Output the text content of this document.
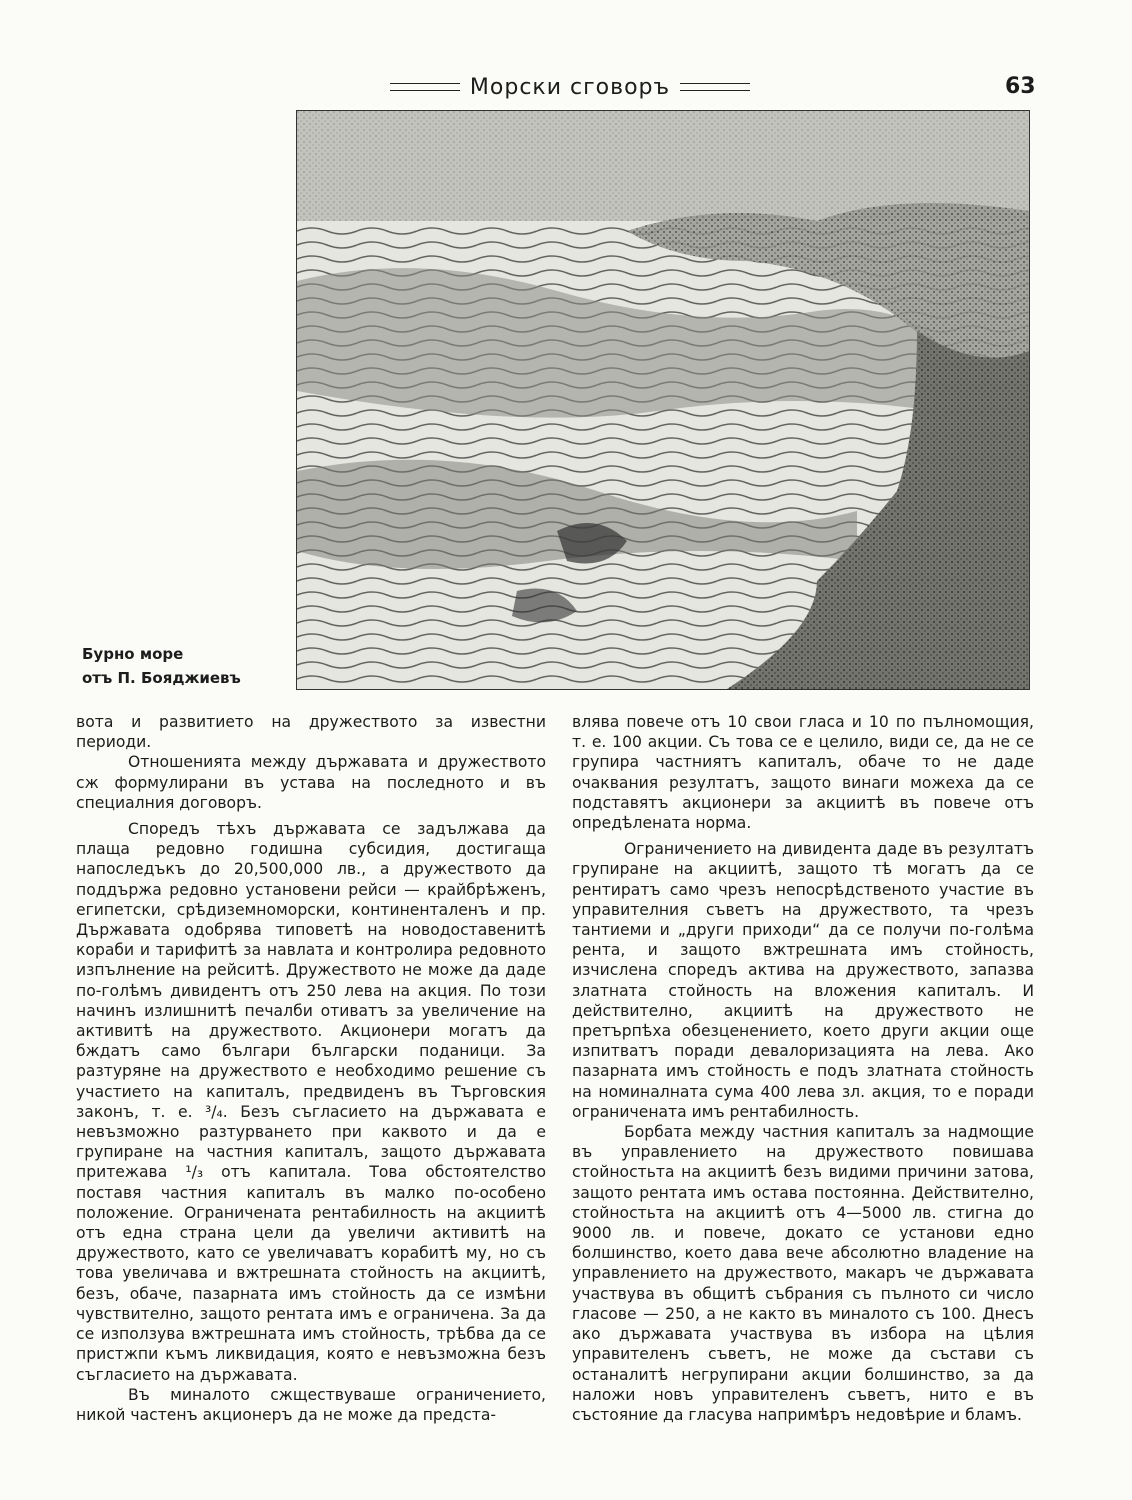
Морски сговоръ	63
Бурно море
отъ П. Бояджиевъ

вота и развитието на дружеството за известни периоди.

Отношенията между държавата и дружеството сж формулирани въ устава на последното и въ специалния договоръ.

Споредъ тѣхъ държавата се задължава да плаща редовно годишна субсидия, достигаща напоследъкъ до 20,500,000 лв., а дружеството да поддържа редовно установени рейси — крайбрѣженъ, египетски, срѣдиземноморски, континенталенъ и пр. Държавата одобрява типоветѣ на новодоставенитѣ кораби и тарифитѣ за навлата и контролира редовното изпълнение на рейситѣ. Дружеството не може да даде по-голѣмъ дивидентъ отъ 250 лева на акция. По този начинъ излишнитѣ печалби отиватъ за увеличение на активитѣ на дружеството. Акционери могатъ да бждатъ само българи български поданици. За разтуряне на дружеството е необходимо решение съ участието на капиталъ, предвиденъ въ Търговския законъ, т. е. ³/₄. Безъ съгласието на държавата е невъзможно разтурването при каквото и да е групиране на частния капиталъ, защото държавата притежава ¹/₃ отъ капитала. Това обстоятелство поставя частния капиталъ въ малко по-особено положение. Ограничената рентабилность на акциитѣ отъ една страна цели да увеличи активитѣ на дружеството, като се увеличаватъ корабитѣ му, но съ това увеличава и вжтрешната стойность на акциитѣ, безъ, обаче, пазарната имъ стойность да се измѣни чувствително, защото рентата имъ е ограничена. За да се използува вжтрешната имъ стойность, трѣбва да се пристжпи къмъ ликвидация, която е невъзможна безъ съгласието на държавата.

Въ миналото сжществуваше ограничението, никой частенъ акционеръ да не може да предста-

влява повече отъ 10 свои гласа и 10 по пълномощия, т. е. 100 акции. Съ това се е целило, види се, да не се групира частниятъ капиталъ, обаче то не даде очаквания резултатъ, защото винаги можеха да се подставятъ акционери за акциитѣ въ повече отъ опредѣлената норма.

Ограничението на дивидента даде въ резултатъ групиране на акциитѣ, защото тѣ могатъ да се рентиратъ само чрезъ непосрѣдственото участие въ управителния съветъ на дружеството, та чрезъ тантиеми и „други приходи“ да се получи по-голѣма рента, и защото вжтрешната имъ стойность, изчислена споредъ актива на дружеството, запазва златната стойность на вложения капиталъ. И действително, акциитѣ на дружеството не претърпѣха обезценението, което други акции още изпитватъ поради девалоризацията на лева. Ако пазарната имъ стойность е подъ златната стойность на номиналната сума 400 лева зл. акция, то е поради ограничената имъ рентабилность.

Борбата между частния капиталъ за надмощие въ управлението на дружеството повишава стойностьта на акциитѣ безъ видими причини затова, защото рентата имъ остава постоянна. Действително, стойностьта на акциитѣ отъ 4—5000 лв. стигна до 9000 лв. и повече, докато се установи едно болшинство, което дава вече абсолютно владение на управлението на дружеството, макаръ че държавата участвува въ общитѣ събрания съ пълното си число гласове — 250, а не както въ миналото съ 100. Днесъ ако държавата участвува въ избора на цѣлия управителенъ съветъ, не може да състави съ останалитѣ негрупирани акции болшинство, за да наложи новъ управителенъ съветъ, нито е въ състояние да гласува напримѣръ недовѣрие и бламъ.
